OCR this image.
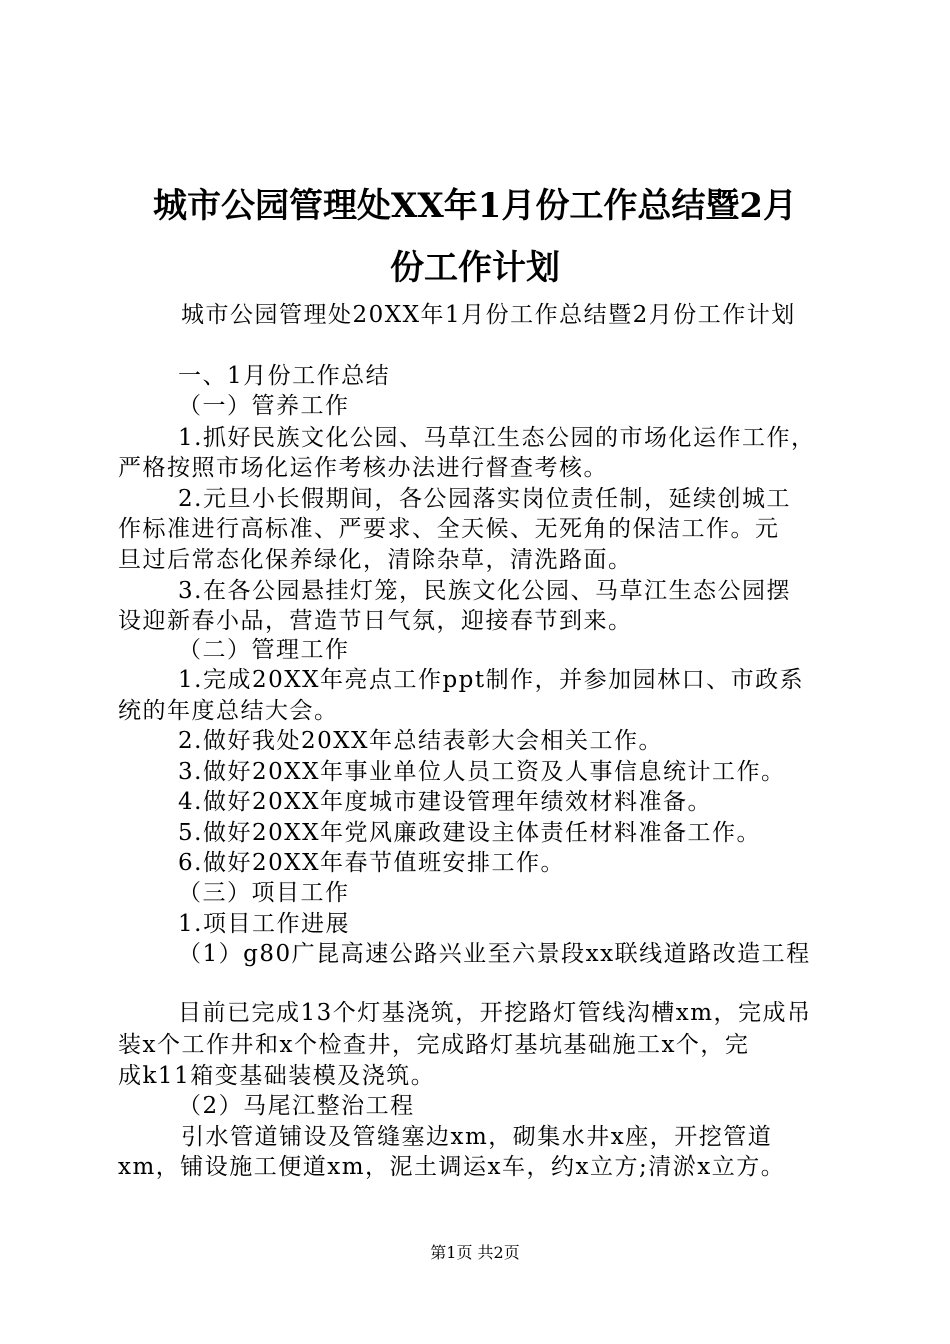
城市公园管理处XX年1月份工作总结暨2月
份工作计划
城市公园管理处20XX年1月份工作总结暨2月份工作计划
一、1月份工作总结
（一）管养工作
1.抓好民族文化公园、马草江生态公园的市场化运作工作，
严格按照市场化运作考核办法进行督查考核。
2.元旦小长假期间，各公园落实岗位责任制，延续创城工
作标准进行高标准、严要求、全天候、无死角的保洁工作。元
旦过后常态化保养绿化，清除杂草，清洗路面。
3.在各公园悬挂灯笼，民族文化公园、马草江生态公园摆
设迎新春小品，营造节日气氛，迎接春节到来。
（二）管理工作
1.完成20XX年亮点工作ppt制作，并参加园林口、市政系
统的年度总结大会。
2.做好我处20XX年总结表彰大会相关工作。
3.做好20XX年事业单位人员工资及人事信息统计工作。
4.做好20XX年度城市建设管理年绩效材料准备。
5.做好20XX年党风廉政建设主体责任材料准备工作。
6.做好20XX年春节值班安排工作。
（三）项目工作
1.项目工作进展
（1）g80广昆高速公路兴业至六景段xx联线道路改造工程
目前已完成13个灯基浇筑，开挖路灯管线沟槽xm，完成吊
装x个工作井和x个检查井，完成路灯基坑基础施工x个，完
成k11箱变基础装模及浇筑。
（2）马尾江整治工程
引水管道铺设及管缝塞边xm，砌集水井x座，开挖管道
xm，铺设施工便道xm，泥土调运x车，约x立方;清淤x立方。
第1页 共2页
